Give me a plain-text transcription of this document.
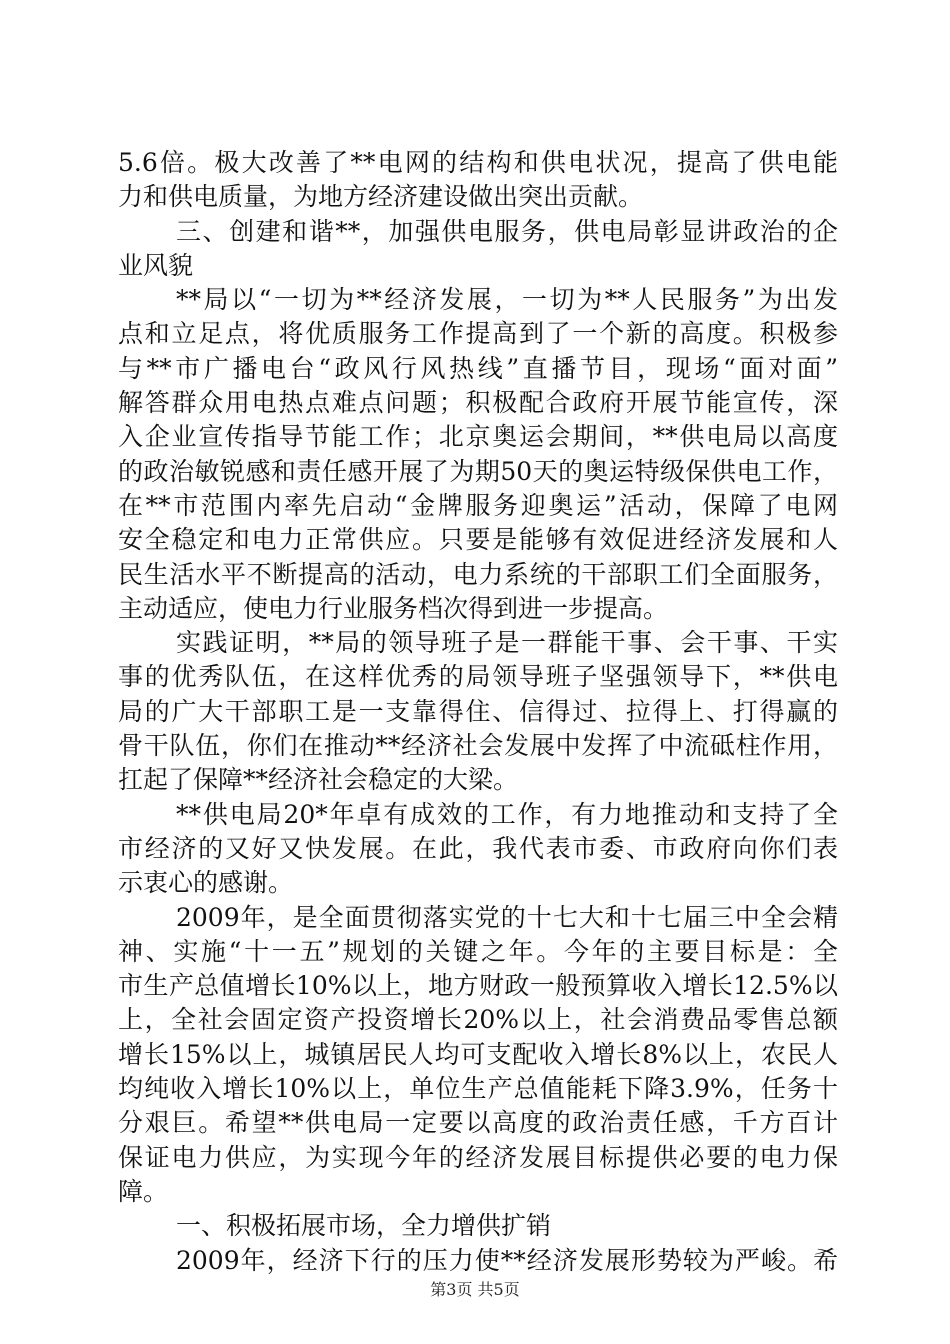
5.6倍。极大改善了**电网的结构和供电状况，提高了供电能
力和供电质量，为地方经济建设做出突出贡献。
三、创建和谐**，加强供电服务，供电局彰显讲政治的企
业风貌
**局以“一切为**经济发展，一切为**人民服务”为出发
点和立足点，将优质服务工作提高到了一个新的高度。积极参
与**市广播电台“政风行风热线”直播节目，现场“面对面”
解答群众用电热点难点问题；积极配合政府开展节能宣传，深
入企业宣传指导节能工作；北京奥运会期间，**供电局以高度
的政治敏锐感和责任感开展了为期50天的奥运特级保供电工作，
在**市范围内率先启动“金牌服务迎奥运”活动，保障了电网
安全稳定和电力正常供应。只要是能够有效促进经济发展和人
民生活水平不断提高的活动，电力系统的干部职工们全面服务，
主动适应，使电力行业服务档次得到进一步提高。
实践证明，**局的领导班子是一群能干事、会干事、干实
事的优秀队伍，在这样优秀的局领导班子坚强领导下，**供电
局的广大干部职工是一支靠得住、信得过、拉得上、打得赢的
骨干队伍，你们在推动**经济社会发展中发挥了中流砥柱作用，
扛起了保障**经济社会稳定的大梁。
**供电局20*年卓有成效的工作，有力地推动和支持了全
市经济的又好又快发展。在此，我代表市委、市政府向你们表
示衷心的感谢。
2009年，是全面贯彻落实党的十七大和十七届三中全会精
神、实施“十一五”规划的关键之年。今年的主要目标是：全
市生产总值增长10%以上，地方财政一般预算收入增长12.5%以
上，全社会固定资产投资增长20%以上，社会消费品零售总额
增长15%以上，城镇居民人均可支配收入增长8%以上，农民人
均纯收入增长10%以上，单位生产总值能耗下降3.9%，任务十
分艰巨。希望**供电局一定要以高度的政治责任感，千方百计
保证电力供应，为实现今年的经济发展目标提供必要的电力保
障。
一、积极拓展市场，全力增供扩销
2009年，经济下行的压力使**经济发展形势较为严峻。希
第3页 共5页
